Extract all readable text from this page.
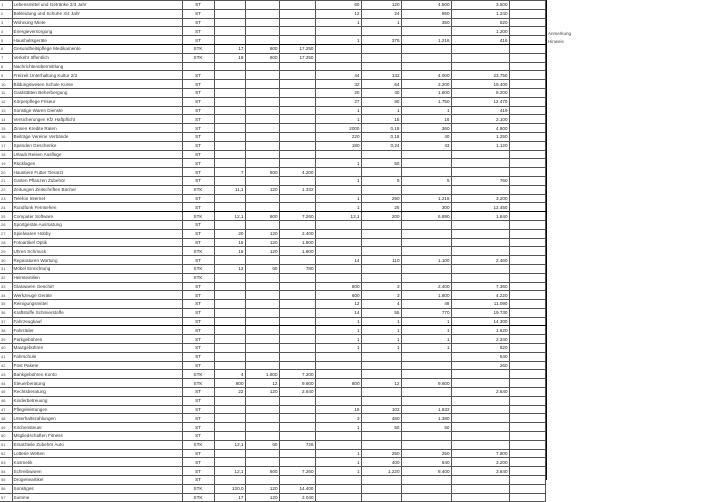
1	Lebensmittel und Getränke 2/3 Jahr	ST				60	120	4.500	3.500	
2	Bekleidung und Schuhe 3/4 Jahr	ST				12	24	860	1.240	
3	Wohnung Miete	ST				1	1	350	520	
4	Energieversorgung	ST							1.200	
5	Haushaltsgeräte	ST				1	375	1.218	416	
6	Gesundheitspflege Medikamente	STK	17	600	17.250					
7	Verkehr öffentlich	STK	18	600	17.250					
8	Nachrichtenübermittlung									
9	Freizeit Unterhaltung Kultur 2/3	ST				44	132	4.000	23.750	
10	Bildungswesen Schule Kurse	ST				32	64	3.200	19.400	
11	Gaststätten Beherbergung	ST				20	40	1.800	8.200	
12	Körperpflege Friseur	ST				27	80	1.750	12.470	
13	Sonstige Waren Dienste	ST				1	1	1	419	
14	Versicherungen Kfz Haftpflicht	ST				1	15	16	2.100	
15	Zinsen Kredite Raten	ST				2000	0,18	360	4.800	
16	Beiträge Vereine Verbände	ST				220	0,18	40	1.250	
17	Spenden Geschenke	ST				180	0,24	43	1.120	
18	Urlaub Reisen Ausflüge	ST								
19	Rücklagen	ST				1	50			
20	Haustiere Futter Tierarzt	ST	7	600	4.200					
21	Garten Pflanzen Zubehör	ST				1	5	5	760	
22	Zeitungen Zeitschriften Bücher	STK	11,1	120	1.332					
23	Telefon Internet	ST				1	290	1.218	3.200	
24	Rundfunk Fernsehen	ST				1	25	300	12.450	
25	Computer Software	STK	12,1	600	7.260	12,1	200	6.890	1.840	
26	Sportgeräte Ausrüstung	ST								
27	Spielwaren Hobby	ST	20	120	2.400					
28	Fotoartikel Optik	ST	15	120	1.800					
29	Uhren Schmuck	STK	15	120	1.800					
30	Reparaturen Wartung	ST				14	110	1.100	2.460	
31	Möbel Einrichtung	STK	13	60	780					
32	Heimtextilien	STK								
33	Glaswaren Geschirr	ST				800	3	2.400	7.360	
34	Werkzeuge Geräte	ST				600	3	1.800	4.220	
35	Reinigungsmittel	ST				12	4	48	11.090	
36	Kraftstoffe Schmierstoffe	ST				14	55	770	19.730	
37	Fahrzeugkauf	ST				1	1	1	14.300	
38	Fahrräder	ST				1	1	1	1.620	
39	Parkgebühren	ST				1	1	1	2.340	
40	Mautgebühren	ST				1	1	1	820	
41	Fahrschule	ST							540	
42	Post Pakete	ST							260	
43	Bankgebühren Konto	STK	4	1.800	7.200					
44	Steuerberatung	STK	800	12	9.600	800	12	9.600		
45	Rechtsberatung	ST	22	120	2.640				2.640	
46	Kinderbetreuung	ST								
47	Pflegeleistungen	ST				16	102	1.632		
48	Unterhaltszahlungen	ST				3	460	1.380		
49	Kirchensteuer	ST				1	50	50		
50	Mitgliedschaften Fitness	ST								
51	Ersatzteile Zubehör Auto	STK	12,1	60	726					
52	Lotterie Wetten	ST				1	250	250	7.800	
53	Kosmetik	ST				1	400	640	3.200	
54	Schreibwaren	ST	12,1	600	7.260	1	1.220	8.400	3.640	
55	Drogerieartikel	ST								
56	Sonstiges	STK	120,0	120	14.400					
57	Summe	STK	17	120	2.040					
Anmerkung
Hinweis
